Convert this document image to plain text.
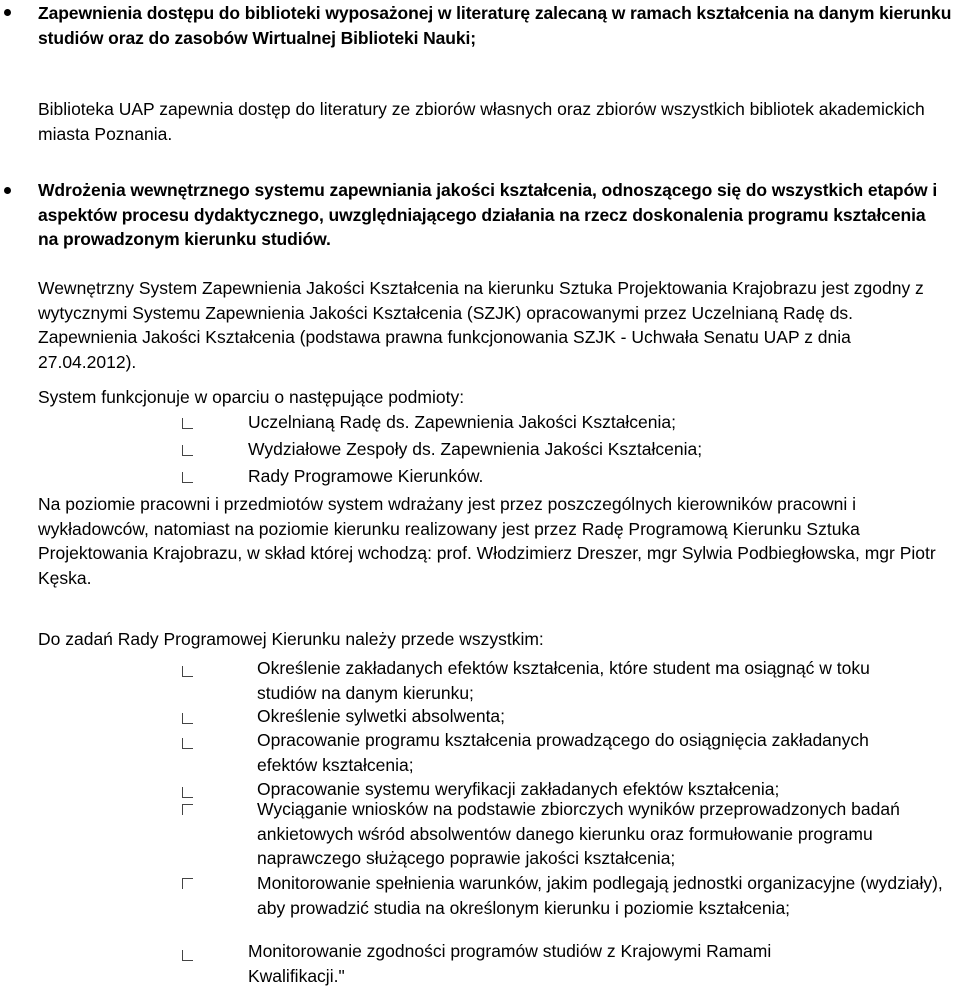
Zapewnienia dostępu do biblioteki wyposażonej w literaturę zalecaną w ramach kształcenia na danym kierunku studiów oraz do zasobów Wirtualnej Biblioteki Nauki;
Biblioteka UAP zapewnia dostęp do literatury ze zbiorów własnych oraz zbiorów wszystkich bibliotek akademickich miasta Poznania.
Wdrożenia wewnętrznego systemu zapewniania jakości kształcenia, odnoszącego się do wszystkich etapów i aspektów procesu dydaktycznego, uwzględniającego działania na rzecz doskonalenia programu kształcenia na prowadzonym kierunku studiów.
Wewnętrzny System Zapewnienia Jakości Kształcenia na kierunku Sztuka Projektowania Krajobrazu jest zgodny z wytycznymi Systemu Zapewnienia Jakości Kształcenia (SZJK) opracowanymi przez Uczelnianą Radę ds. Zapewnienia Jakości Kształcenia (podstawa prawna funkcjonowania SZJK - Uchwała Senatu UAP z dnia 27.04.2012).
System funkcjonuje w oparciu o następujące podmioty:
Uczelnianą Radę ds. Zapewnienia Jakości Kształcenia;
Wydziałowe Zespoły ds. Zapewnienia Jakości Kształcenia;
Rady Programowe Kierunków.
Na poziomie pracowni i przedmiotów system wdrażany jest przez poszczególnych kierowników pracowni i wykładowców, natomiast na poziomie kierunku realizowany jest przez Radę Programową Kierunku Sztuka Projektowania Krajobrazu, w skład której wchodzą: prof. Włodzimierz Dreszer, mgr Sylwia Podbiegłowska, mgr Piotr Kęska.
Do zadań Rady Programowej Kierunku należy przede wszystkim:
Określenie zakładanych efektów kształcenia, które student ma osiągnąć w toku studiów na danym kierunku;
Określenie sylwetki absolwenta;
Opracowanie programu kształcenia prowadzącego do osiągnięcia zakładanych efektów kształcenia;
Opracowanie systemu weryfikacji zakładanych efektów kształcenia;
Wyciąganie wniosków na podstawie zbiorczych wyników przeprowadzonych badań ankietowych wśród absolwentów danego kierunku oraz formułowanie programu naprawczego służącego poprawie jakości kształcenia;
Monitorowanie spełnienia warunków, jakim podlegają jednostki organizacyjne (wydziały), aby prowadzić studia na określonym kierunku i poziomie kształcenia;
Monitorowanie zgodności programów studiów z Krajowymi Ramami Kwalifikacji."
